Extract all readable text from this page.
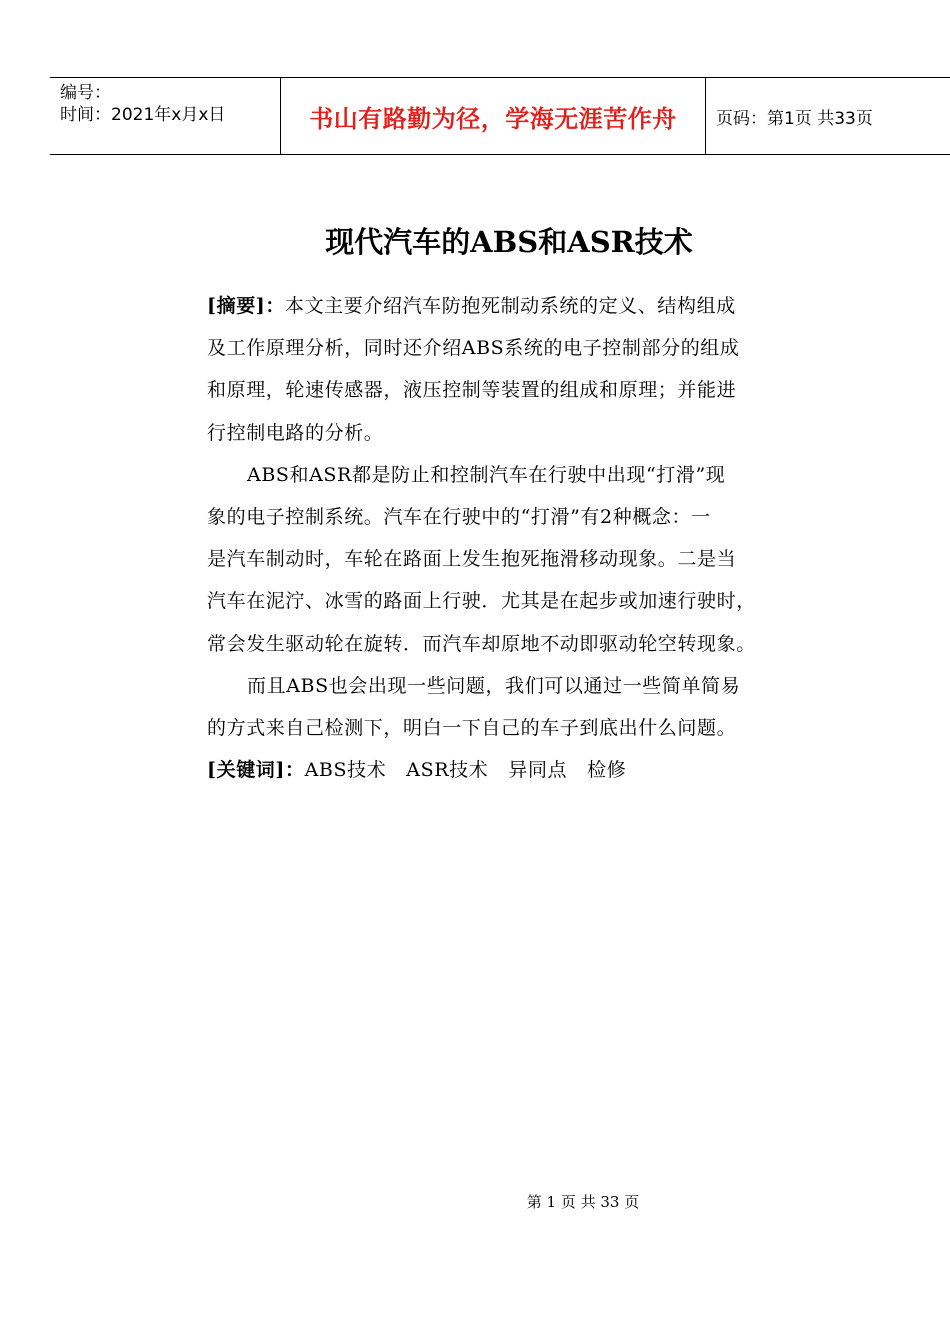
编号：
时间：2021年x月x日	书山有路勤为径，学海无涯苦作舟 页码：第1页 共33页
现代汽车的ABS和ASR技术
[摘要]：本文主要介绍汽车防抱死制动系统的定义、结构组成
及工作原理分析，同时还介绍ABS系统的电子控制部分的组成
和原理，轮速传感器，液压控制等装置的组成和原理；并能进
行控制电路的分析。
ABS和ASR都是防止和控制汽车在行驶中出现“打滑”现
象的电子控制系统。汽车在行驶中的“打滑”有2种概念：一
是汽车制动时，车轮在路面上发生抱死拖滑移动现象。二是当
汽车在泥泞、冰雪的路面上行驶．尤其是在起步或加速行驶时，
常会发生驱动轮在旋转．而汽车却原地不动即驱动轮空转现象。
而且ABS也会出现一些问题，我们可以通过一些简单简易
的方式来自己检测下，明白一下自己的车子到底出什么问题。
[关键词]：ABS技术 ASR技术 异同点 检修
第 1 页 共 33 页
